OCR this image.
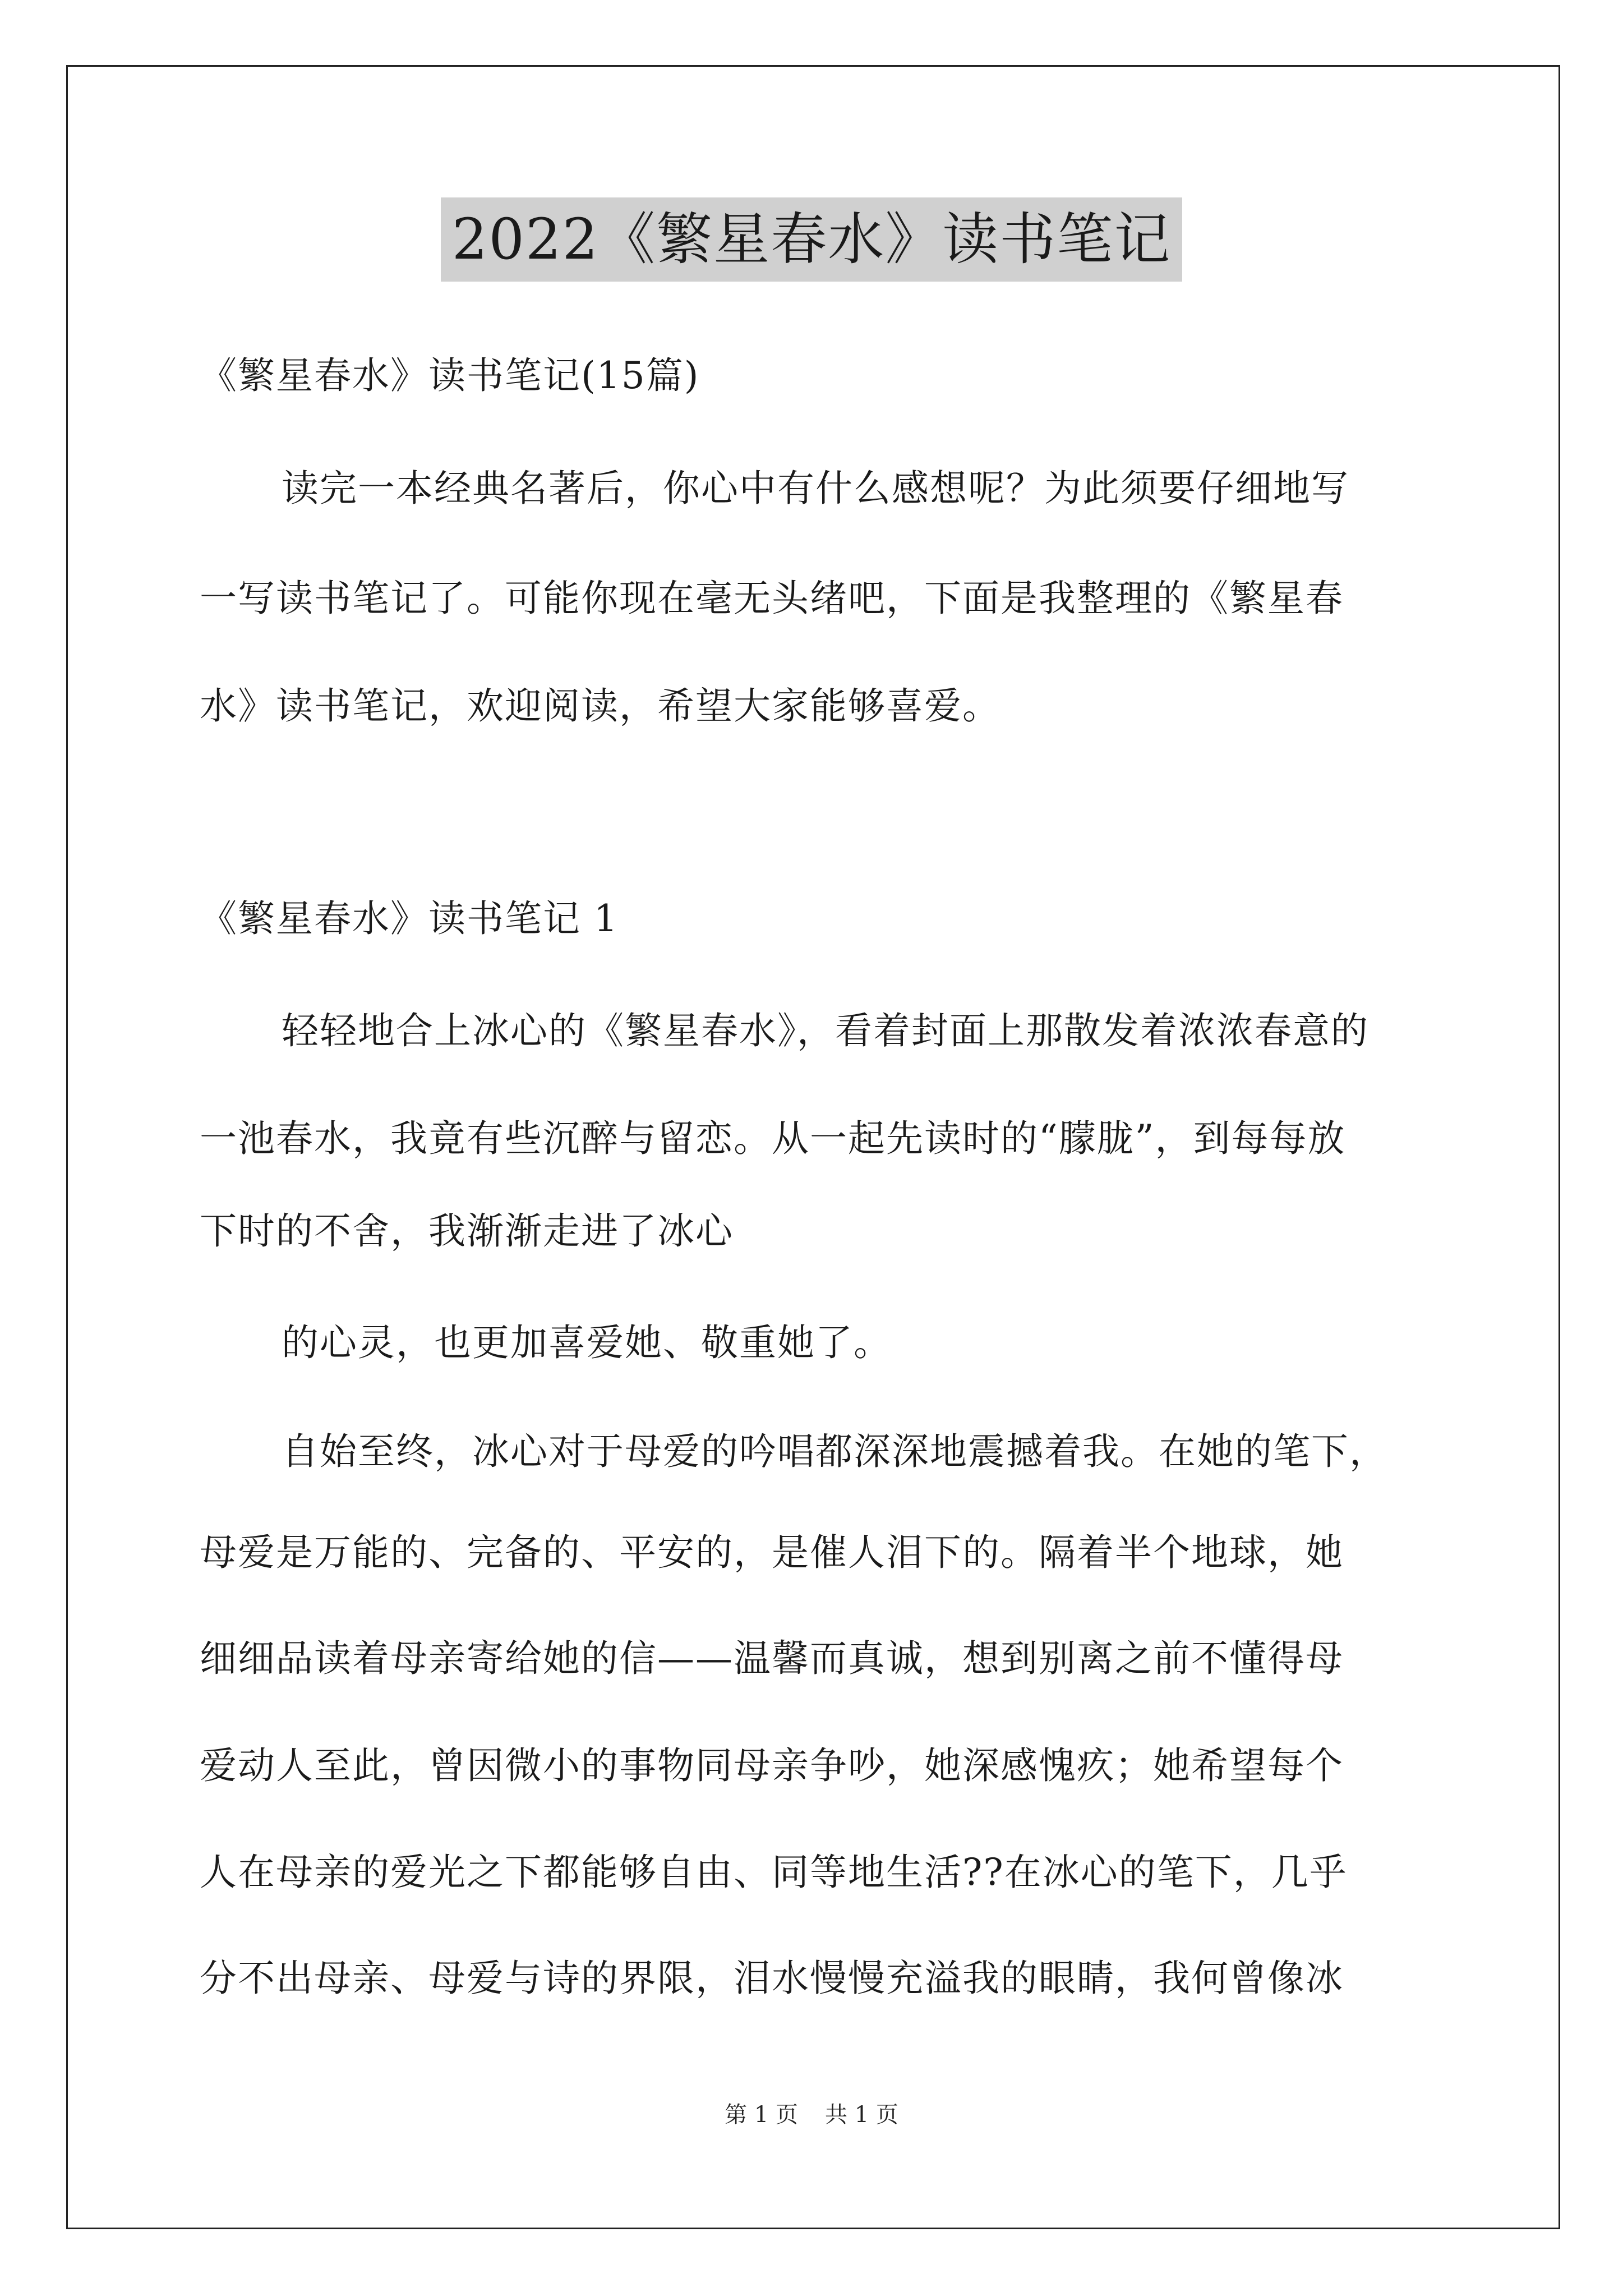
2022《繁星春水》读书笔记
《繁星春水》读书笔记(15篇)
读完一本经典名著后，你心中有什么感想呢？为此须要仔细地写
一写读书笔记了。可能你现在毫无头绪吧，下面是我整理的《繁星春
水》读书笔记，欢迎阅读，希望大家能够喜爱。
《繁星春水》读书笔记 1
轻轻地合上冰心的《繁星春水》，看着封面上那散发着浓浓春意的
一池春水，我竟有些沉醉与留恋。从一起先读时的“朦胧”，到每每放
下时的不舍，我渐渐走进了冰心
的心灵，也更加喜爱她、敬重她了。
自始至终，冰心对于母爱的吟唱都深深地震撼着我。在她的笔下，
母爱是万能的、完备的、平安的，是催人泪下的。隔着半个地球，她
细细品读着母亲寄给她的信——温馨而真诚，想到别离之前不懂得母
爱动人至此，曾因微小的事物同母亲争吵，她深感愧疚；她希望每个
人在母亲的爱光之下都能够自由、同等地生活??在冰心的笔下，几乎
分不出母亲、母爱与诗的界限，泪水慢慢充溢我的眼睛，我何曾像冰
第 1 页 共 1 页
